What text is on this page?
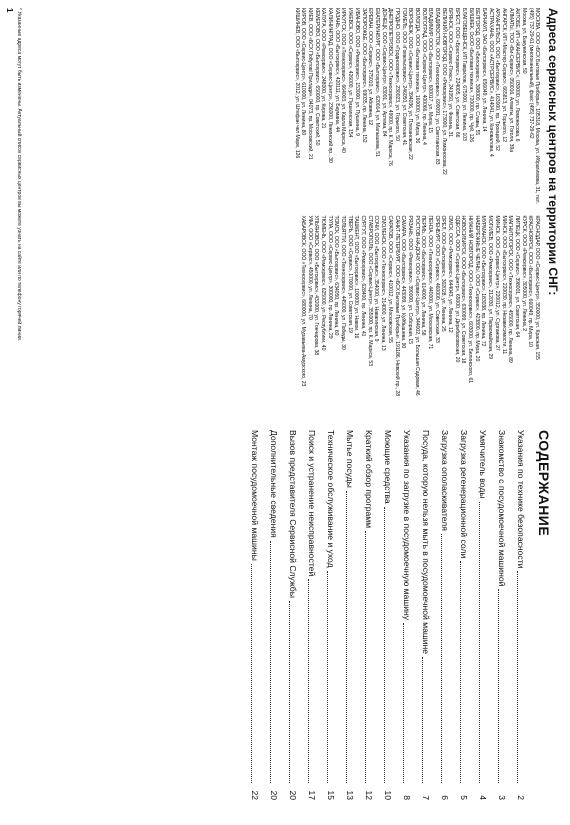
Адреса сервисных центров на территории СНГ:
МОСКВА, ООО «БСХ Бытовые Приборы», 105318, Москва, ул. Ибрагимова, 31, тел. (495) 737-29-61 (многоканальный), факс (495) 737-29-62
Москва, ул. Бакунинская, 50
АКТОБЕ, ИП «ЖАНСЕРВИС», 030000, ул. Ломоносова, 6
АЛМАТЫ, ТОО «Ви-Сервис», 050016, Алматы, ул. Гоголя, 39а
АНГАРСК, ИП «Мастер-Сервис», 665813, ул. Горького, 12
АРХАНГЕЛЬСК, ООО «Бытсервис», 163000, пр. Троицкий, 52
АСТРАХАНЬ, ООО «АСТРСЕРВИС», 414041, ул. Коновалова, 4
БАРНАУЛ, ЗАО «Бытсервис», 656049, ул. Ленина, 14
БЕЛГОРОД, ООО «Белсервис», 308000, пр. Славы, 55
БИШКЕК, ОсОО «Бытовая техника», 720000, пр. Чуй, 126
БЛАГОВЕЩЕНСК, ИП Гаврилов, 675000, ул. Ленина, 103
БРЕСТ, ООО «Брестсервис», 224005, ул. Советская, 66
БРЯНСК, ООО «Сервис-Плюс», 241050, ул. Фокина, 31
ВЕЛИКИЙ НОВГОРОД, ООО «Ремсервис», 173000, ул. Ломоносова, 22
ВЛАДИВОСТОК, ООО «Техносервис», 690091, ул. Светланская, 83
ВЛАДИМИР, ООО «Бытсервис», 600017, ул. Мира, 15
ВОЛГОГРАД, ООО «Сервис-Центр», 400066, пр. Ленина, 4
ВОЛОГДА, ООО «Бытовая техника», 160000, ул. Мира, 36
ВОРОНЕЖ, ООО «Сервис-Центр», 394036, ул. Плехановская, 22
ГОМЕЛЬ, ООО «Гомельсервис», 246050, ул. Советская, 41
ГРОДНО, ООО «Гродносервис», 230023, ул. Горького, 50
ДНЕПРОПЕТРОВСК, ООО «Техносервис», 49000, пр. К. Маркса, 76
ДОНЕЦК, ООО «Сервис-Центр», 83001, ул. Артема, 84
ЕКАТЕРИНБУРГ, ООО «Бытсервис», 620014, ул. Малышева, 51
ЕРЕВАН, ООО «Сервис», 375010, ул. Абовяна, 12
ЗАПОРОЖЬЕ, ООО «Бытсервис», 69035, пр. Ленина, 152
ИВАНОВО, ООО «Ремсервис», 153000, ул. Пушкина, 9
ИЖЕВСК, ООО «Сервис», 426000, ул. Пушкинская, 154
ИРКУТСК, ООО «Техносервис», 664003, ул. Карла Маркса, 40
КАЗАНЬ, ООО «Бытсервис», 420111, ул. Баумана, 44
КАЛИНИНГРАД, ООО «Сервис-Центр», 236000, Ленинский пр., 30
КАЛУГА, ООО «Ремсервис», 248000, ул. Кирова, 21
КЕМЕРОВО, ООО «Бытсервис», 650000, пр. Советский, 50
КИЕВ, ООО «БСХ Побутові Прилади», 04073, пр. Московский, 21
КИРОВ, ООО «Сервис-Центр», 610000, ул. Ленина, 80
КИШИНЕВ, ООО «Бытсервис», 2012, ул. Штефан чел Маре, 126
КРАСНОДАР, ООО «Сервис-Центр», 350000, ул. Красная, 155
КРАСНОЯРСК, ООО «Бытсервис», 660049, пр. Мира, 10
КУРСК, ООО «Ремсервис», 305000, ул. Ленина, 2
ЛИПЕЦК, ООО «Сервис», 398001, ул. Советская, 64
МАГНИТОГОРСК, ООО «Техносервис», 455000, пр. Ленина, 89
МИНСК, ООО «Бытсервис», 220030, пр. Независимости, 11
МИНСК, ООО «Сервис-Центр», 220012, ул. Сурганова, 27
МОГИЛЕВ, ООО «Ремсервис», 212030, ул. Первомайская, 29
МУРМАНСК, ООО «Бытсервис», 183038, пр. Ленина, 72
НАБЕРЕЖНЫЕ ЧЕЛНЫ, ООО «Сервис», 423800, пр. Мира, 20
НИЖНИЙ НОВГОРОД, ООО «Техносервис», 603000, ул. Белинского, 61
НОВОСИБИРСК, ООО «Бытсервис», 630099, ул. Советская, 18
ОДЕССА, ООО «Сервис-Центр», 65000, ул. Дерибасовская, 20
ОМСК, ООО «Ремсервис», 644043, ул. Ленина, 12
ОРЕЛ, ООО «Бытсервис», 302028, ул. Ленина, 25
ОРЕНБУРГ, ООО «Сервис», 460000, ул. Советская, 33
ПЕНЗА, ООО «Техносервис», 440000, ул. Московская, 71
ПЕРМЬ, ООО «Бытсервис», 614000, ул. Ленина, 58
РОСТОВ-НА-ДОНУ, ООО «Сервис-Центр», 344002, ул. Большая Садовая, 46
РЯЗАНЬ, ООО «Ремсервис», 390000, ул. Соборная, 15
САМАРА, ООО «Бытсервис», 443099, ул. Куйбышева, 90
САНКТ-ПЕТЕРБУРГ, ООО «БСХ Бытовые Приборы», 191186, Невский пр., 28
САРАТОВ, ООО «Сервис», 410012, ул. Московская, 55
СМОЛЕНСК, ООО «Техносервис», 214000, ул. Ленина, 13
СОЧИ, ООО «Бытсервис», 354000, ул. Навагинская, 9
СТАВРОПОЛЬ, ООО «Сервис-Центр», 355000, пр. К. Маркса, 53
СУРГУТ, ООО «Ремсервис», 628400, пр. Ленина, 41
ТАШКЕНТ, ООО «Бытсервис», 100000, ул. Навои, 16
ТВЕРЬ, ООО «Сервис», 170000, ул. Советская, 19
ТОЛЬЯТТИ, ООО «Техносервис», 445000, ул. Победы, 30
ТОМСК, ООО «Бытсервис», 634050, пр. Ленина, 60
ТУЛА, ООО «Сервис-Центр», 300000, пр. Ленина, 29
ТЮМЕНЬ, ООО «Ремсервис», 625000, ул. Республики, 40
УЛЬЯНОВСК, ООО «Бытсервис», 432000, ул. Гончарова, 38
УФА, ООО «Сервис», 450000, ул. Ленина, 70
ХАБАРОВСК, ООО «Техносервис», 680000, ул. Муравьева-Амурского, 23
* Указанные адреса могут быть изменены. Актуальный список сервисных центров вы можете узнать на сайте или по телефону горячей линии.
1
СОДЕРЖАНИЕ
Указания по технике безопасности
2
Знакомство с посудомоечной машиной
3
Умягчитель воды
4
Загрузка регенерационной соли
5
Загрузка ополаскивателя
6
Посуда, которую нельзя мыть в посудомоечной машине
7
Указания по загрузке в посудомоечную машину
8
Моющие средства
10
Краткий обзор программ
12
Мытье посуды
13
Техническое обслуживание и уход
15
Поиск и устранение неисправностей
17
Вызов представителя Сервисной Службы
20
Дополнительные сведения
20
Монтаж посудомоечной машины
22
